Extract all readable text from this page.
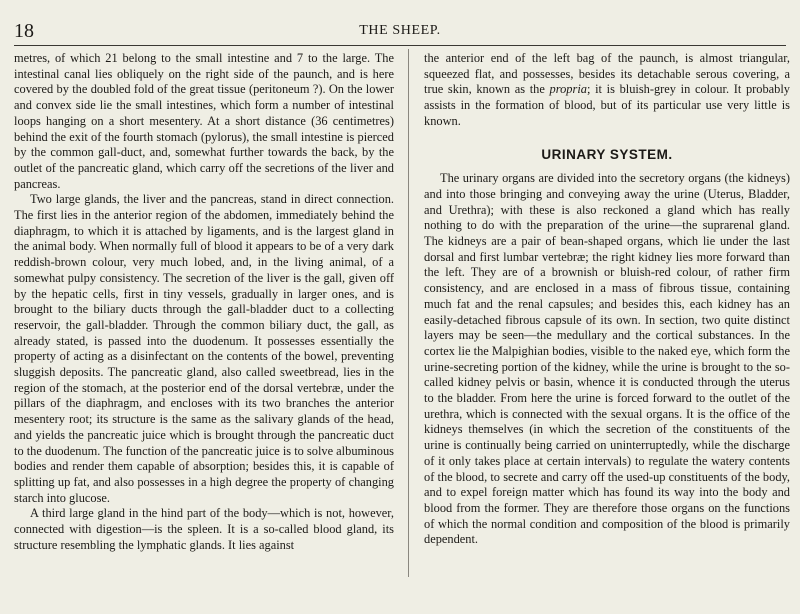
18	THE SHEEP.

metres, of which 21 belong to the small intestine and 7 to the large. The intestinal canal lies obliquely on the right side of the paunch, and is here covered by the doubled fold of the great tissue (peritoneum ?). On the lower and convex side lie the small intestines, which form a number of intestinal loops hanging on a short mesentery. At a short distance (36 centimetres) behind the exit of the fourth stomach (pylorus), the small intestine is pierced by the common gall-duct, and, somewhat further towards the back, by the outlet of the pancreatic gland, which carry off the secretions of the liver and pancreas.

Two large glands, the liver and the pancreas, stand in direct connection. The first lies in the anterior region of the abdomen, immediately behind the diaphragm, to which it is attached by ligaments, and is the largest gland in the animal body. When normally full of blood it appears to be of a very dark reddish-brown colour, very much lobed, and, in the living animal, of a somewhat pulpy consistency. The secretion of the liver is the gall, given off by the hepatic cells, first in tiny vessels, gradually in larger ones, and is brought to the biliary ducts through the gall-bladder duct to a collecting reservoir, the gall-bladder. Through the common biliary duct, the gall, as already stated, is passed into the duodenum. It possesses essentially the property of acting as a disinfectant on the contents of the bowel, preventing sluggish deposits. The pancreatic gland, also called sweetbread, lies in the region of the stomach, at the posterior end of the dorsal vertebræ, under the pillars of the diaphragm, and encloses with its two branches the anterior mesentery root; its structure is the same as the salivary glands of the head, and yields the pancreatic juice which is brought through the pancreatic duct to the duodenum. The function of the pancreatic juice is to solve albuminous bodies and render them capable of absorption; besides this, it is capable of splitting up fat, and also possesses in a high degree the property of changing starch into glucose.

A third large gland in the hind part of the body—which is not, however, connected with digestion—is the spleen. It is a so-called blood gland, its structure resembling the lymphatic glands. It lies against

the anterior end of the left bag of the paunch, is almost triangular, squeezed flat, and possesses, besides its detachable serous covering, a true skin, known as the propria; it is bluish-grey in colour. It probably assists in the formation of blood, but of its particular use very little is known.

URINARY SYSTEM.

The urinary organs are divided into the secretory organs (the kidneys) and into those bringing and conveying away the urine (Uterus, Bladder, and Urethra); with these is also reckoned a gland which has really nothing to do with the preparation of the urine—the suprarenal gland. The kidneys are a pair of bean-shaped organs, which lie under the last dorsal and first lumbar vertebræ; the right kidney lies more forward than the left. They are of a brownish or bluish-red colour, of rather firm consistency, and are enclosed in a mass of fibrous tissue, containing much fat and the renal capsules; and besides this, each kidney has an easily-detached fibrous capsule of its own. In section, two quite distinct layers may be seen—the medullary and the cortical substances. In the cortex lie the Malpighian bodies, visible to the naked eye, which form the urine-secreting portion of the kidney, while the urine is brought to the so-called kidney pelvis or basin, whence it is conducted through the uterus to the bladder. From here the urine is forced forward to the outlet of the urethra, which is connected with the sexual organs. It is the office of the kidneys themselves (in which the secretion of the constituents of the urine is continually being carried on uninterruptedly, while the discharge of it only takes place at certain intervals) to regulate the watery contents of the blood, to secrete and carry off the used-up constituents of the body, and to expel foreign matter which has found its way into the body and blood from the former. They are therefore those organs on the functions of which the normal condition and composition of the blood is primarily dependent.
